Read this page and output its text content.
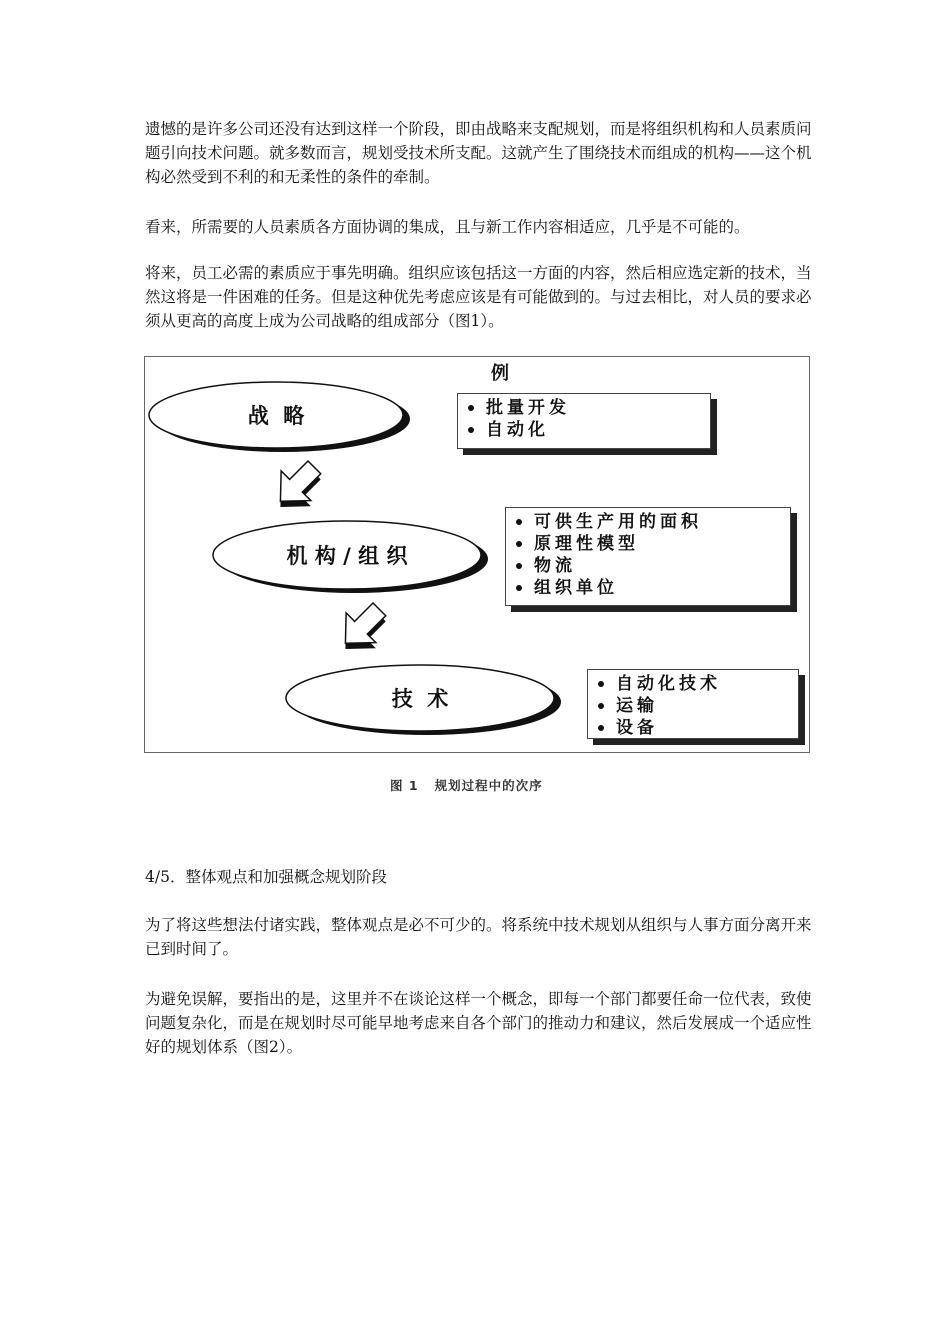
遗憾的是许多公司还没有达到这样一个阶段，即由战略来支配规划，而是将组织机构和人员素质问题引向技术问题。就多数而言，规划受技术所支配。这就产生了围绕技术而组成的机构——这个机构必然受到不利的和无柔性的条件的牵制。

看来，所需要的人员素质各方面协调的集成，且与新工作内容相适应，几乎是不可能的。

将来，员工必需的素质应于事先明确。组织应该包括这一方面的内容，然后相应选定新的技术，当然这将是一件困难的任务。但是这种优先考虑应该是有可能做到的。与过去相比，对人员的要求必须从更高的高度上成为公司战略的组成部分（图1）。

战  略
机 构 / 组 织
技  术
例
批量开发
自动化
可供生产用的面积
原理性模型
物流
组织单位
自动化技术
运输
设备
图 1   规划过程中的次序
4/5．整体观点和加强概念规划阶段

为了将这些想法付诸实践，整体观点是必不可少的。将系统中技术规划从组织与人事方面分离开来已到时间了。

为避免误解，要指出的是，这里并不在谈论这样一个概念，即每一个部门都要任命一位代表，致使问题复杂化，而是在规划时尽可能早地考虑来自各个部门的推动力和建议，然后发展成一个适应性好的规划体系（图2）。
